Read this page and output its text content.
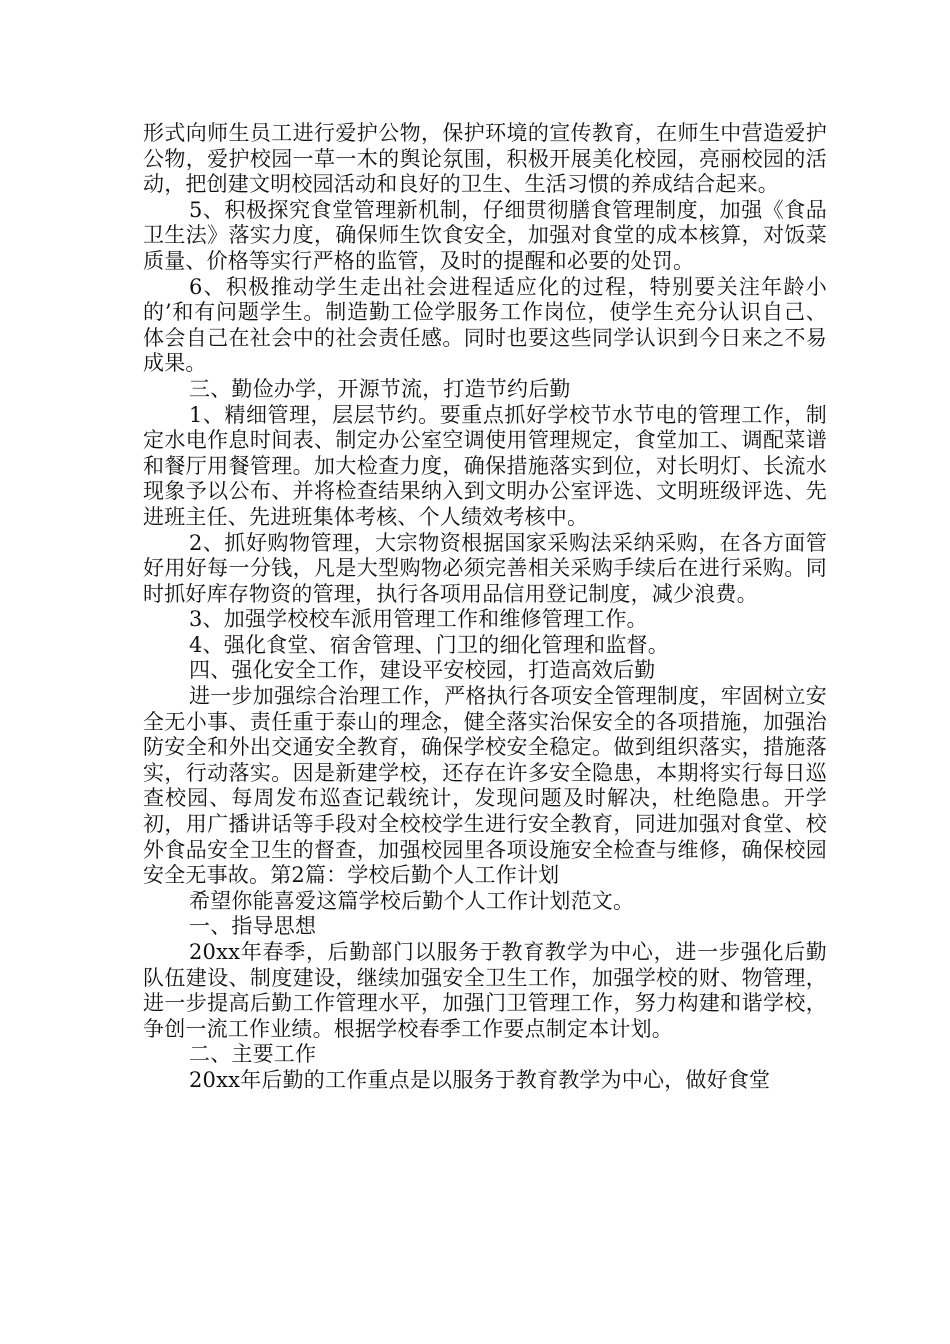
形式向师生员工进行爱护公物，保护环境的宣传教育，在师生中营造爱护公物，爱护校园一草一木的舆论氛围，积极开展美化校园，亮丽校园的活动，把创建文明校园活动和良好的卫生、生活习惯的养成结合起来。

5、积极探究食堂管理新机制，仔细贯彻膳食管理制度，加强《食品卫生法》落实力度，确保师生饮食安全，加强对食堂的成本核算，对饭菜质量、价格等实行严格的监管，及时的提醒和必要的处罚。

6、积极推动学生走出社会进程适应化的过程，特别要关注年龄小的’和有问题学生。制造勤工俭学服务工作岗位，使学生充分认识自己、体会自己在社会中的社会责任感。同时也要这些同学认识到今日来之不易成果。

三、勤俭办学，开源节流，打造节约后勤

1、精细管理，层层节约。要重点抓好学校节水节电的管理工作，制定水电作息时间表、制定办公室空调使用管理规定，食堂加工、调配菜谱和餐厅用餐管理。加大检查力度，确保措施落实到位，对长明灯、长流水现象予以公布、并将检查结果纳入到文明办公室评选、文明班级评选、先进班主任、先进班集体考核、个人绩效考核中。

2、抓好购物管理，大宗物资根据国家采购法采纳采购，在各方面管好用好每一分钱，凡是大型购物必须完善相关采购手续后在进行采购。同时抓好库存物资的管理，执行各项用品信用登记制度，减少浪费。

3、加强学校校车派用管理工作和维修管理工作。

4、强化食堂、宿舍管理、门卫的细化管理和监督。

四、强化安全工作，建设平安校园，打造高效后勤

进一步加强综合治理工作，严格执行各项安全管理制度，牢固树立安全无小事、责任重于泰山的理念，健全落实治保安全的各项措施，加强治防安全和外出交通安全教育，确保学校安全稳定。做到组织落实，措施落实，行动落实。因是新建学校，还存在许多安全隐患，本期将实行每日巡查校园、每周发布巡查记载统计，发现问题及时解决，杜绝隐患。开学初，用广播讲话等手段对全校校学生进行安全教育，同进加强对食堂、校外食品安全卫生的督查，加强校园里各项设施安全检查与维修，确保校园安全无事故。第2篇：学校后勤个人工作计划

希望你能喜爱这篇学校后勤个人工作计划范文。

一、指导思想

20xx年春季，后勤部门以服务于教育教学为中心，进一步强化后勤队伍建设、制度建设，继续加强安全卫生工作，加强学校的财、物管理，进一步提高后勤工作管理水平，加强门卫管理工作，努力构建和谐学校，争创一流工作业绩。根据学校春季工作要点制定本计划。

二、主要工作

20xx年后勤的工作重点是以服务于教育教学为中心，做好食堂
